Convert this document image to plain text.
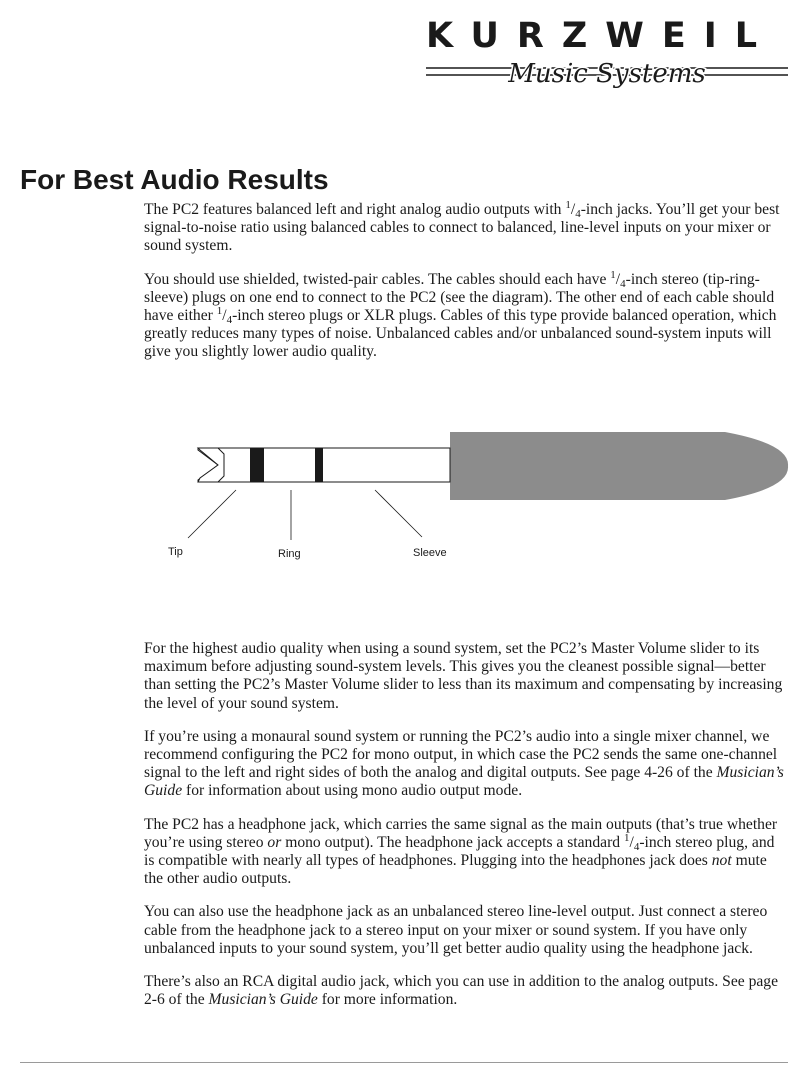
KURZWEIL
Music Systems
For Best Audio Results

The PC2 features balanced left and right analog audio outputs with $^1/_4$-inch jacks. You’ll get your best signal-to-noise ratio using balanced cables to connect to balanced, line-level inputs on your mixer or sound system.

You should use shielded, twisted-pair cables. The cables should each have $^1/_4$-inch stereo (tip-ring-sleeve) plugs on one end to connect to the PC2 (see the diagram). The other end of each cable should have either $^1/_4$-inch stereo plugs or XLR plugs. Cables of this type provide balanced operation, which greatly reduces many types of noise. Unbalanced cables and/or unbalanced sound-system inputs will give you slightly lower audio quality.

Tip	Ring	Sleeve

For the highest audio quality when using a sound system, set the PC2’s Master Volume slider to its maximum before adjusting sound-system levels. This gives you the cleanest possible signal—better than setting the PC2’s Master Volume slider to less than its maximum and compensating by increasing the level of your sound system.

If you’re using a monaural sound system or running the PC2’s audio into a single mixer channel, we recommend configuring the PC2 for mono output, in which case the PC2 sends the same one-channel signal to the left and right sides of both the analog and digital outputs. See page 4-26 of the Musician’s Guide for information about using mono audio output mode.

The PC2 has a headphone jack, which carries the same signal as the main outputs (that’s true whether you’re using stereo or mono output). The headphone jack accepts a standard $^1/_4$-inch stereo plug, and is compatible with nearly all types of headphones. Plugging into the headphones jack does not mute the other audio outputs.

You can also use the headphone jack as an unbalanced stereo line-level output. Just connect a stereo cable from the headphone jack to a stereo input on your mixer or sound system. If you have only unbalanced inputs to your sound system, you’ll get better audio quality using the headphone jack.

There’s also an RCA digital audio jack, which you can use in addition to the analog outputs. See page 2-6 of the Musician’s Guide for more information.
